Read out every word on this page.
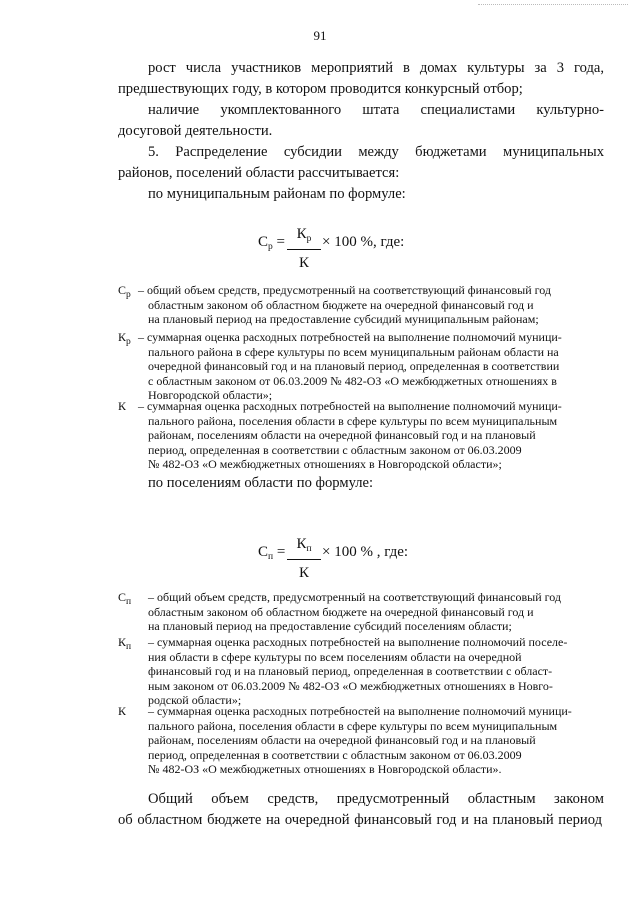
91
рост числа участников мероприятий в домах культуры за 3 года,
предшествующих году, в котором проводится конкурсный отбор;
наличие укомплектованного штата специалистами культурно-
досуговой деятельности.
5. Распределение субсидии между бюджетами муниципальных
районов, поселений области рассчитывается:
по муниципальным районам по формуле:
$С_р = К_р$
К
× 100 %, где:
$С_р$ – общий объем средств, предусмотренный на соответствующий финансовый год
областным законом об областном бюджете на очередной финансовый год и
на плановый период на предоставление субсидий муниципальным районам;
$К_р$ – суммарная оценка расходных потребностей на выполнение полномочий муници-
пального района в сфере культуры по всем муниципальным районам области на
очередной финансовый год и на плановый период, определенная в соответствии
с областным законом от 06.03.2009 № 482-ОЗ «О межбюджетных отношениях в
Новгородской области»;
К – суммарная оценка расходных потребностей на выполнение полномочий муници-
пального района, поселения области в сфере культуры по всем муниципальным
районам, поселениям области на очередной финансовый год и на плановый
период, определенная в соответствии с областным законом от 06.03.2009
№ 482-ОЗ «О межбюджетных отношениях в Новгородской области»;
по поселениям области по формуле:
$С_п = К_п$
К
× 100 % , где:
$С_п$	– общий объем средств, предусмотренный на соответствующий финансовый год
областным законом об областном бюджете на очередной финансовый год и
на плановый период на предоставление субсидий поселениям области;
$К_п$	– суммарная оценка расходных потребностей на выполнение полномочий поселе-
ния области в сфере культуры по всем поселениям области на очередной
финансовый год и на плановый период, определенная в соответствии с област-
ным законом от 06.03.2009 № 482-ОЗ «О межбюджетных отношениях в Новго-
родской области»;
К	– суммарная оценка расходных потребностей на выполнение полномочий муници-
пального района, поселения области в сфере культуры по всем муниципальным
районам, поселениям области на очередной финансовый год и на плановый
период, определенная в соответствии с областным законом от 06.03.2009
№ 482-ОЗ «О межбюджетных отношениях в Новгородской области».
Общий объем средств, предусмотренный областным законом
об областном бюджете на очередной финансовый год и на плановый период
